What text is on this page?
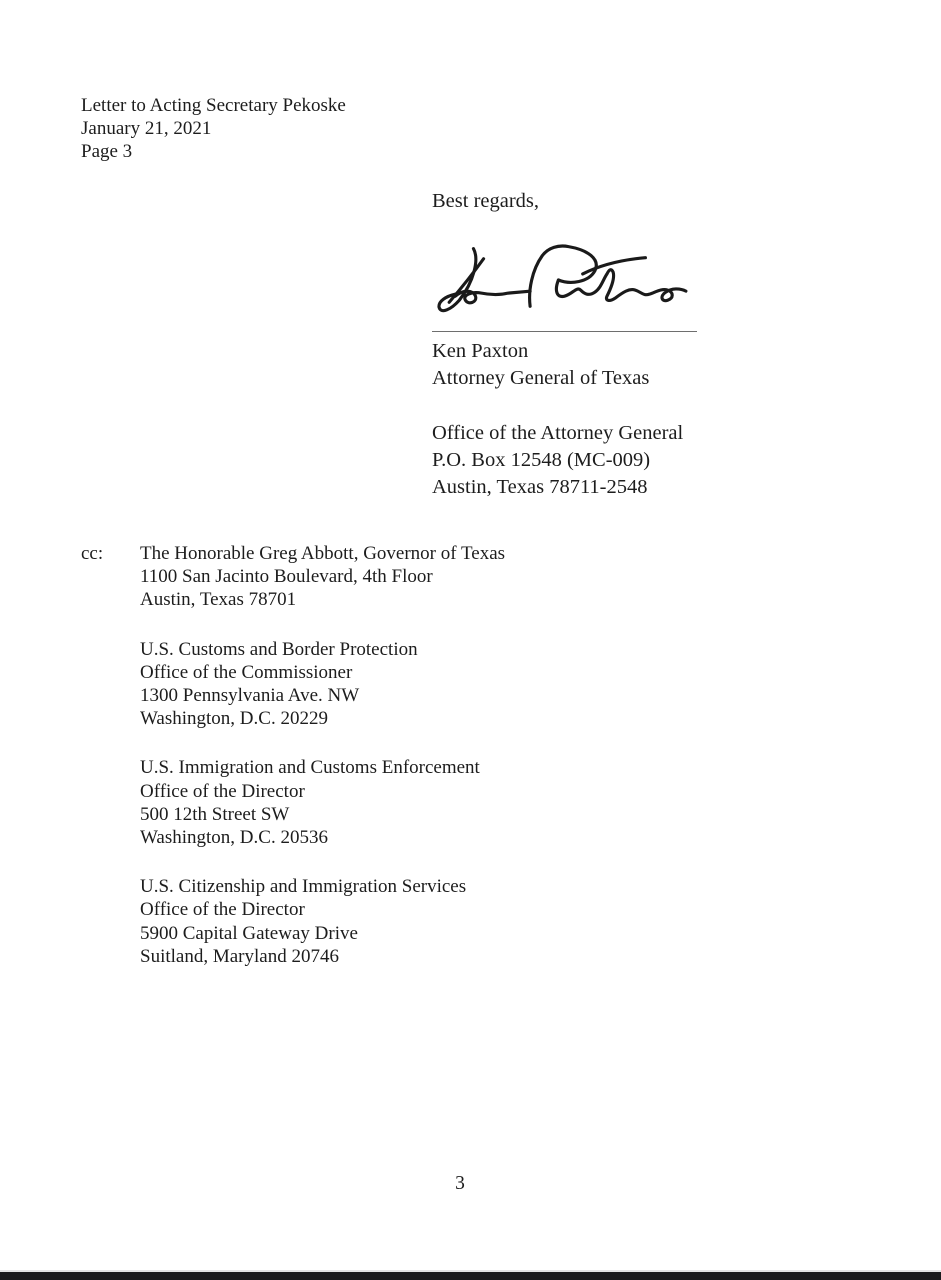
Letter to Acting Secretary Pekoske
January 21, 2021
Page 3
Best regards,
Ken Paxton
Attorney General of Texas
Office of the Attorney General
P.O. Box 12548 (MC-009)
Austin, Texas 78711-2548
cc: The Honorable Greg Abbott, Governor of Texas
1100 San Jacinto Boulevard, 4th Floor
Austin, Texas 78701
U.S. Customs and Border Protection
Office of the Commissioner
1300 Pennsylvania Ave. NW
Washington, D.C. 20229
U.S. Immigration and Customs Enforcement
Office of the Director
500 12th Street SW
Washington, D.C. 20536
U.S. Citizenship and Immigration Services
Office of the Director
5900 Capital Gateway Drive
Suitland, Maryland 20746
3
